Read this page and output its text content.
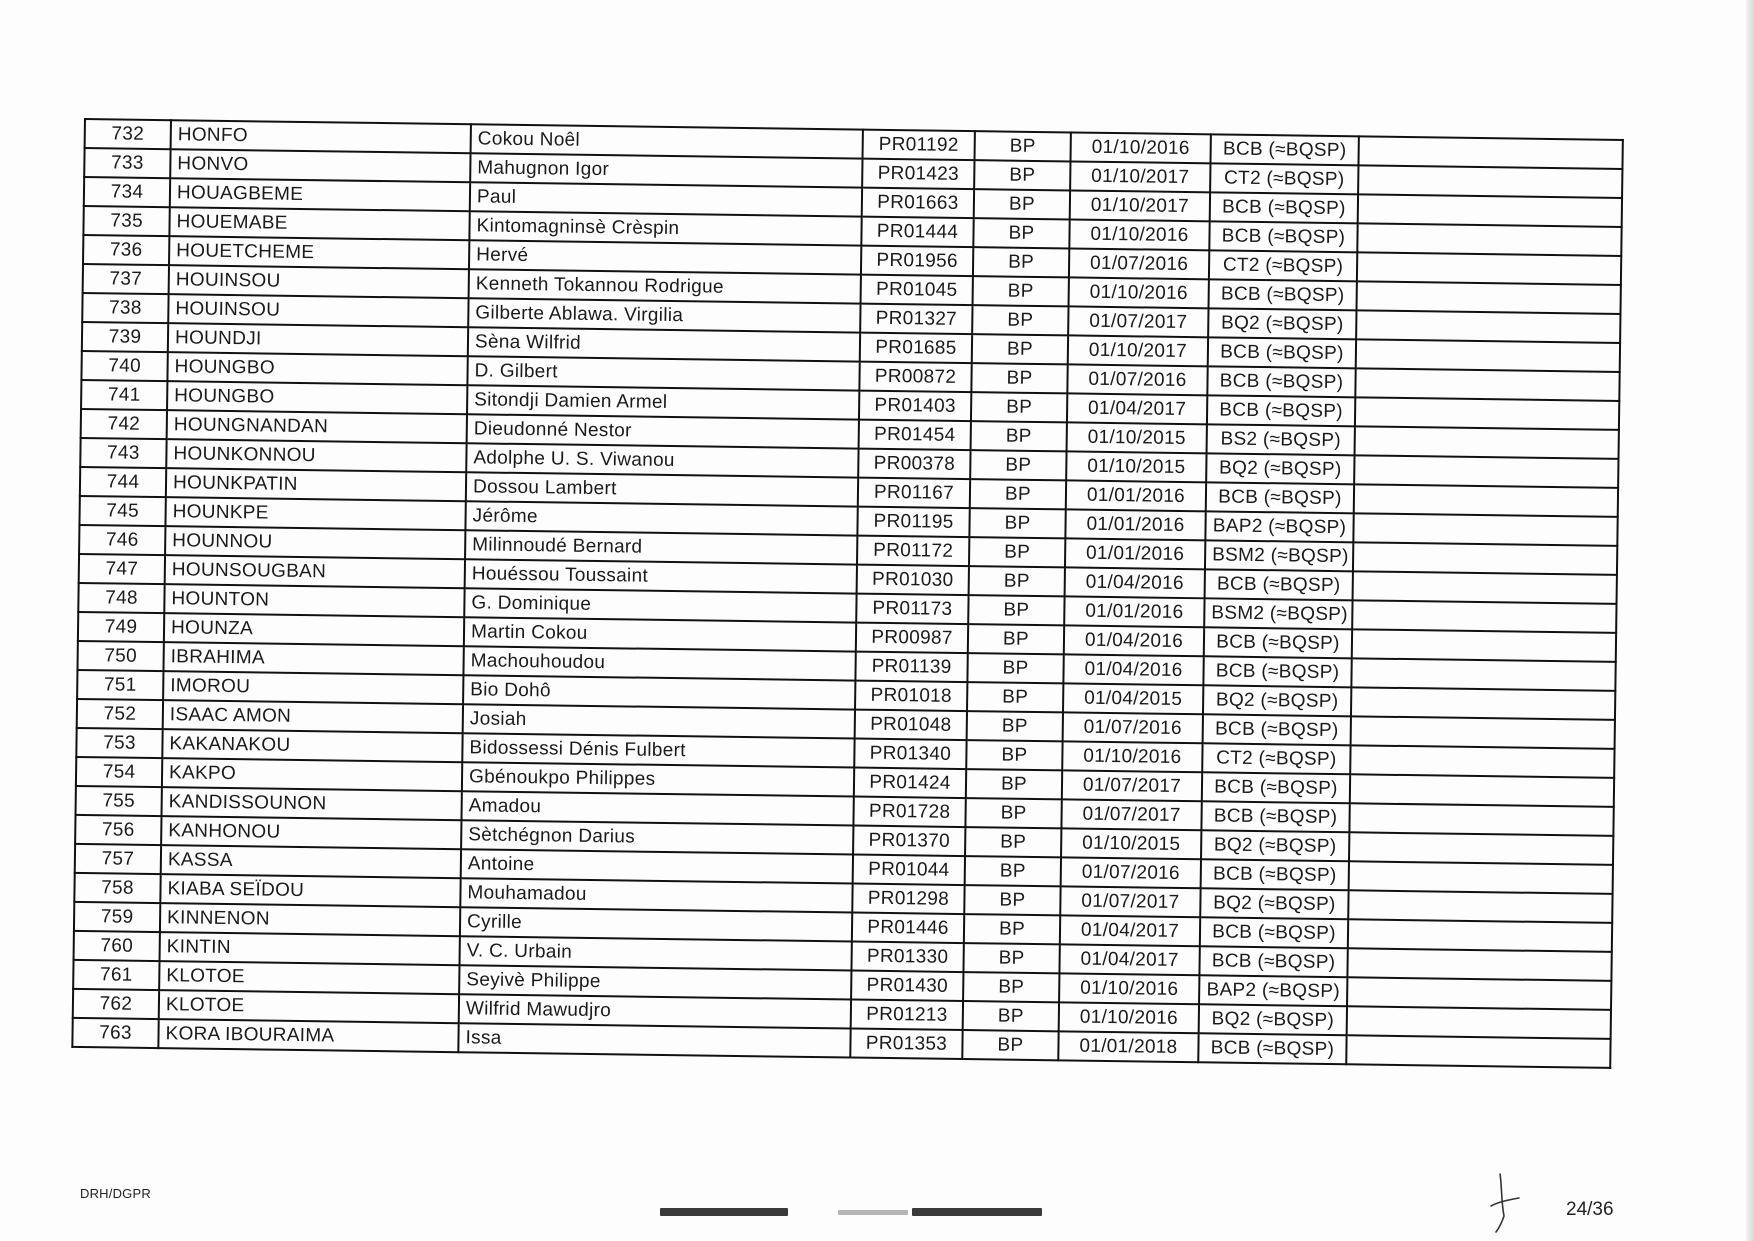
732	HONFO	Cokou Noêl	PR01192	BP	01/10/2016	BCB (≈BQSP)	
733	HONVO	Mahugnon Igor	PR01423	BP	01/10/2017	CT2 (≈BQSP)	
734	HOUAGBEME	Paul	PR01663	BP	01/10/2017	BCB (≈BQSP)	
735	HOUEMABE	Kintomagninsè Crèspin	PR01444	BP	01/10/2016	BCB (≈BQSP)	
736	HOUETCHEME	Hervé	PR01956	BP	01/07/2016	CT2 (≈BQSP)	
737	HOUINSOU	Kenneth Tokannou Rodrigue	PR01045	BP	01/10/2016	BCB (≈BQSP)	
738	HOUINSOU	Gilberte Ablawa. Virgilia	PR01327	BP	01/07/2017	BQ2 (≈BQSP)	
739	HOUNDJI	Sèna Wilfrid	PR01685	BP	01/10/2017	BCB (≈BQSP)	
740	HOUNGBO	D. Gilbert	PR00872	BP	01/07/2016	BCB (≈BQSP)	
741	HOUNGBO	Sitondji Damien Armel	PR01403	BP	01/04/2017	BCB (≈BQSP)	
742	HOUNGNANDAN	Dieudonné Nestor	PR01454	BP	01/10/2015	BS2 (≈BQSP)	
743	HOUNKONNOU	Adolphe U. S. Viwanou	PR00378	BP	01/10/2015	BQ2 (≈BQSP)	
744	HOUNKPATIN	Dossou Lambert	PR01167	BP	01/01/2016	BCB (≈BQSP)	
745	HOUNKPE	Jérôme	PR01195	BP	01/01/2016	BAP2 (≈BQSP)	
746	HOUNNOU	Milinnoudé Bernard	PR01172	BP	01/01/2016	BSM2 (≈BQSP)	
747	HOUNSOUGBAN	Houéssou Toussaint	PR01030	BP	01/04/2016	BCB (≈BQSP)	
748	HOUNTON	G. Dominique	PR01173	BP	01/01/2016	BSM2 (≈BQSP)	
749	HOUNZA	Martin Cokou	PR00987	BP	01/04/2016	BCB (≈BQSP)	
750	IBRAHIMA	Machouhoudou	PR01139	BP	01/04/2016	BCB (≈BQSP)	
751	IMOROU	Bio Dohô	PR01018	BP	01/04/2015	BQ2 (≈BQSP)	
752	ISAAC AMON	Josiah	PR01048	BP	01/07/2016	BCB (≈BQSP)	
753	KAKANAKOU	Bidossessi Dénis Fulbert	PR01340	BP	01/10/2016	CT2 (≈BQSP)	
754	KAKPO	Gbénoukpo Philippes	PR01424	BP	01/07/2017	BCB (≈BQSP)	
755	KANDISSOUNON	Amadou	PR01728	BP	01/07/2017	BCB (≈BQSP)	
756	KANHONOU	Sètchégnon Darius	PR01370	BP	01/10/2015	BQ2 (≈BQSP)	
757	KASSA	Antoine	PR01044	BP	01/07/2016	BCB (≈BQSP)	
758	KIABA SEÏDOU	Mouhamadou	PR01298	BP	01/07/2017	BQ2 (≈BQSP)	
759	KINNENON	Cyrille	PR01446	BP	01/04/2017	BCB (≈BQSP)	
760	KINTIN	V. C. Urbain	PR01330	BP	01/04/2017	BCB (≈BQSP)	
761	KLOTOE	Seyivè Philippe	PR01430	BP	01/10/2016	BAP2 (≈BQSP)	
762	KLOTOE	Wilfrid Mawudjro	PR01213	BP	01/10/2016	BQ2 (≈BQSP)	
763	KORA IBOURAIMA	Issa	PR01353	BP	01/01/2018	BCB (≈BQSP)	
DRH/DGPR
24/36
